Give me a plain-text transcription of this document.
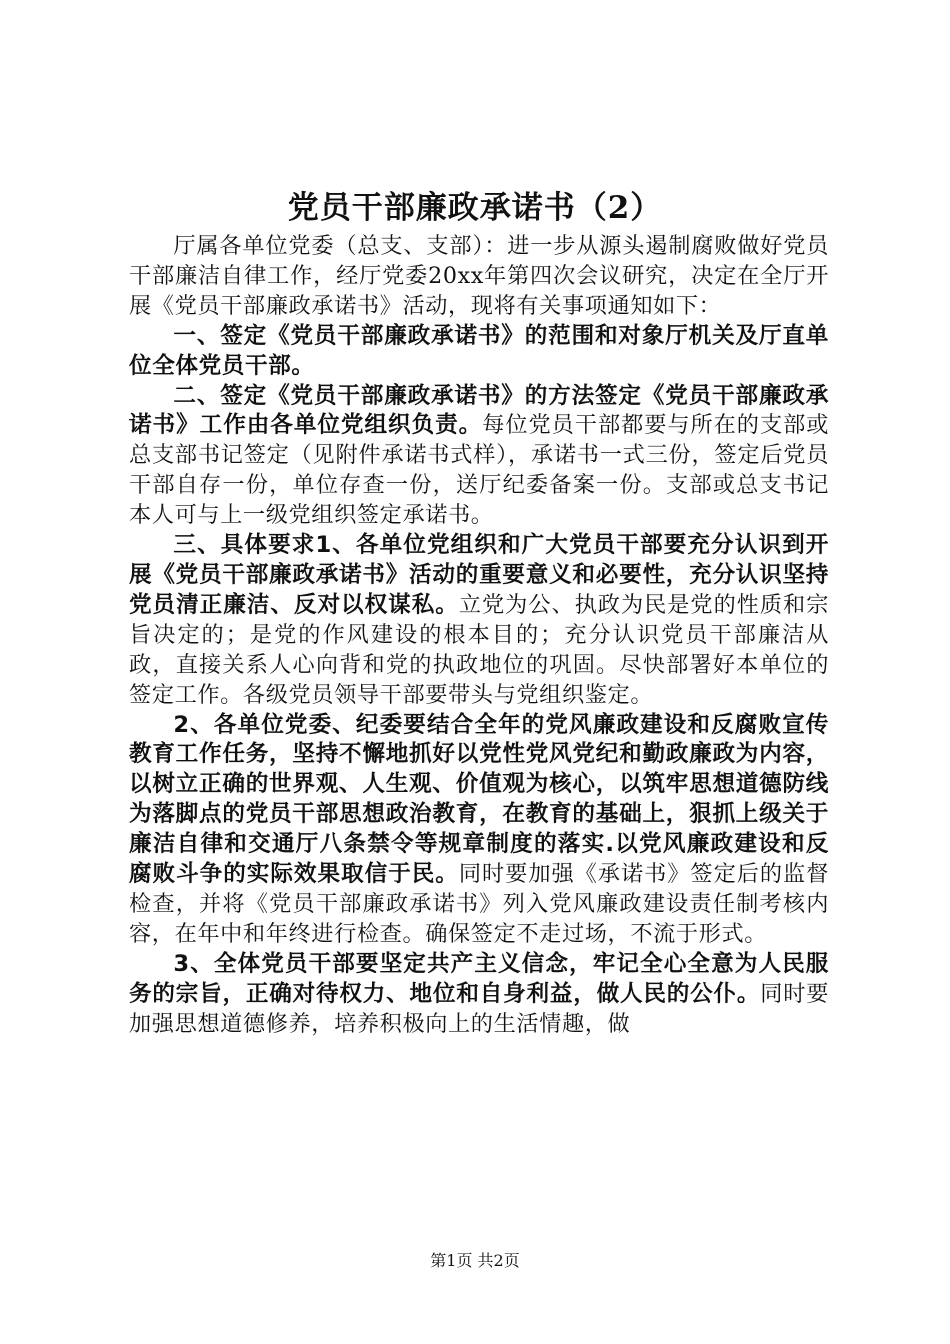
党员干部廉政承诺书（2）

厅属各单位党委（总支、支部）：进一步从源头遏制腐败做好党员干部廉洁自律工作，经厅党委20xx年第四次会议研究，决定在全厅开展《党员干部廉政承诺书》活动，现将有关事项通知如下：

一、签定《党员干部廉政承诺书》的范围和对象厅机关及厅直单位全体党员干部。

二、签定《党员干部廉政承诺书》的方法签定《党员干部廉政承诺书》工作由各单位党组织负责。每位党员干部都要与所在的支部或总支部书记签定（见附件承诺书式样），承诺书一式三份，签定后党员干部自存一份，单位存查一份，送厅纪委备案一份。支部或总支书记本人可与上一级党组织签定承诺书。

三、具体要求1、各单位党组织和广大党员干部要充分认识到开展《党员干部廉政承诺书》活动的重要意义和必要性，充分认识坚持党员清正廉洁、反对以权谋私。立党为公、执政为民是党的性质和宗旨决定的；是党的作风建设的根本目的；充分认识党员干部廉洁从政，直接关系人心向背和党的执政地位的巩固。尽快部署好本单位的签定工作。各级党员领导干部要带头与党组织鉴定。

2、各单位党委、纪委要结合全年的党风廉政建设和反腐败宣传教育工作任务，坚持不懈地抓好以党性党风党纪和勤政廉政为内容，以树立正确的世界观、人生观、价值观为核心，以筑牢思想道德防线为落脚点的党员干部思想政治教育，在教育的基础上，狠抓上级关于廉洁自律和交通厅八条禁令等规章制度的落实.以党风廉政建设和反腐败斗争的实际效果取信于民。同时要加强《承诺书》签定后的监督检查，并将《党员干部廉政承诺书》列入党风廉政建设责任制考核内容，在年中和年终进行检查。确保签定不走过场，不流于形式。

3、全体党员干部要坚定共产主义信念，牢记全心全意为人民服务的宗旨，正确对待权力、地位和自身利益，做人民的公仆。同时要加强思想道德修养，培养积极向上的生活情趣，做

第1页 共2页
